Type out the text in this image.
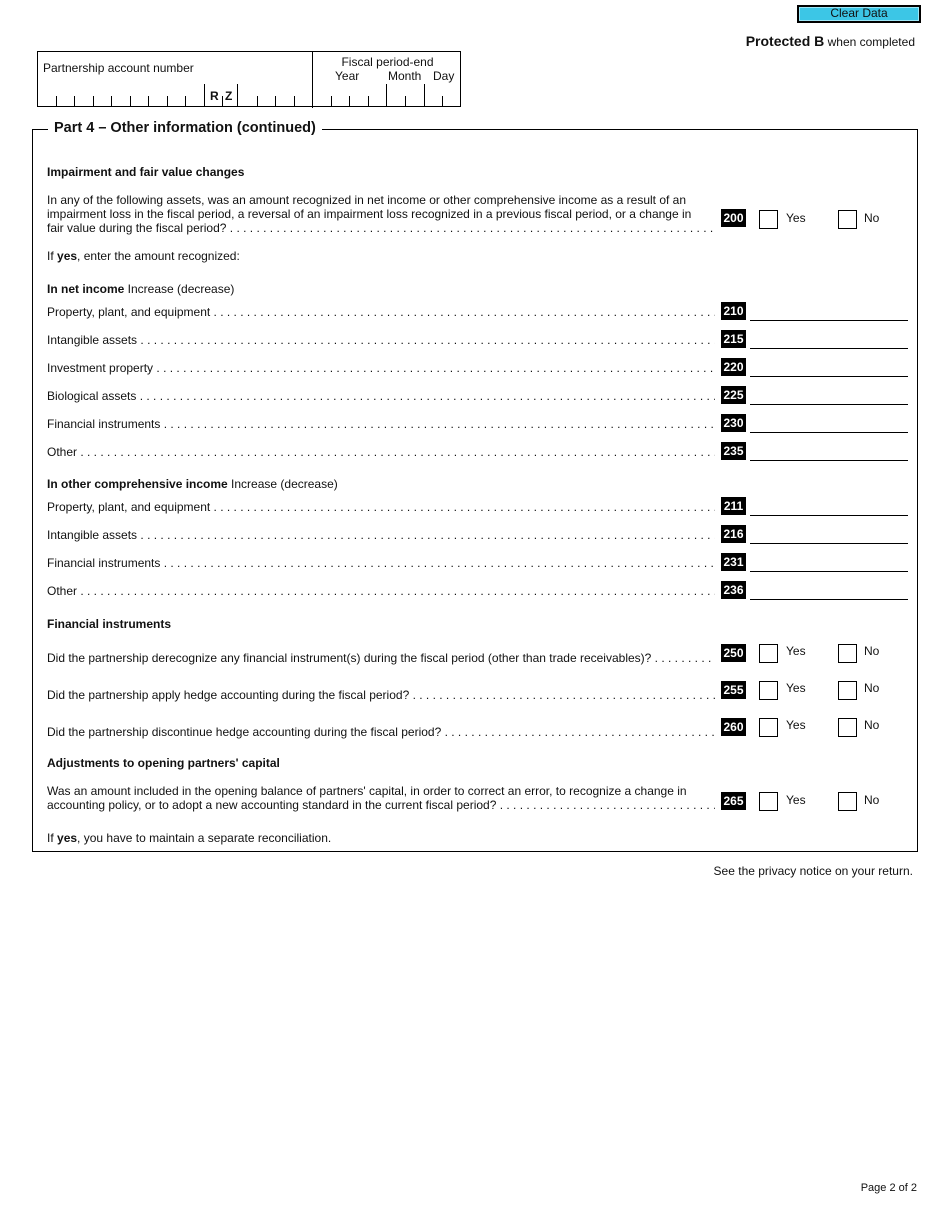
Clear Data
Protected B when completed
Partnership account number	Fiscal period-end
Year Month Day
R Z
Part 4 – Other information (continued)
Impairment and fair value changes
In any of the following assets, was an amount recognized in net income or other comprehensive income as a result of an
impairment loss in the fiscal period, a reversal of an impairment loss recognized in a previous fiscal period, or a change in
fair value during the fiscal period? . . .
200	Yes	No
If yes, enter the amount recognized:
In net income Increase (decrease)
Property, plant, and equipment . . .	210
Intangible assets . . .	215
Investment property . . .	220
Biological assets . . .	225
Financial instruments . . .	230
Other . . .	235
In other comprehensive income Increase (decrease)
Property, plant, and equipment . . .	211
Intangible assets . . .	216
Financial instruments . . .	231
Other . . .	236
Financial instruments
Did the partnership derecognize any financial instrument(s) during the fiscal period (other than trade receivables)? . . .	250	Yes	No
Did the partnership apply hedge accounting during the fiscal period? . . .	255	Yes	No
Did the partnership discontinue hedge accounting during the fiscal period? . . .	260	Yes	No
Adjustments to opening partners' capital
Was an amount included in the opening balance of partners' capital, in order to correct an error, to recognize a change in
accounting policy, or to adopt a new accounting standard in the current fiscal period? . . .	265	Yes	No
If yes, you have to maintain a separate reconciliation.
See the privacy notice on your return.
Page 2 of 2
